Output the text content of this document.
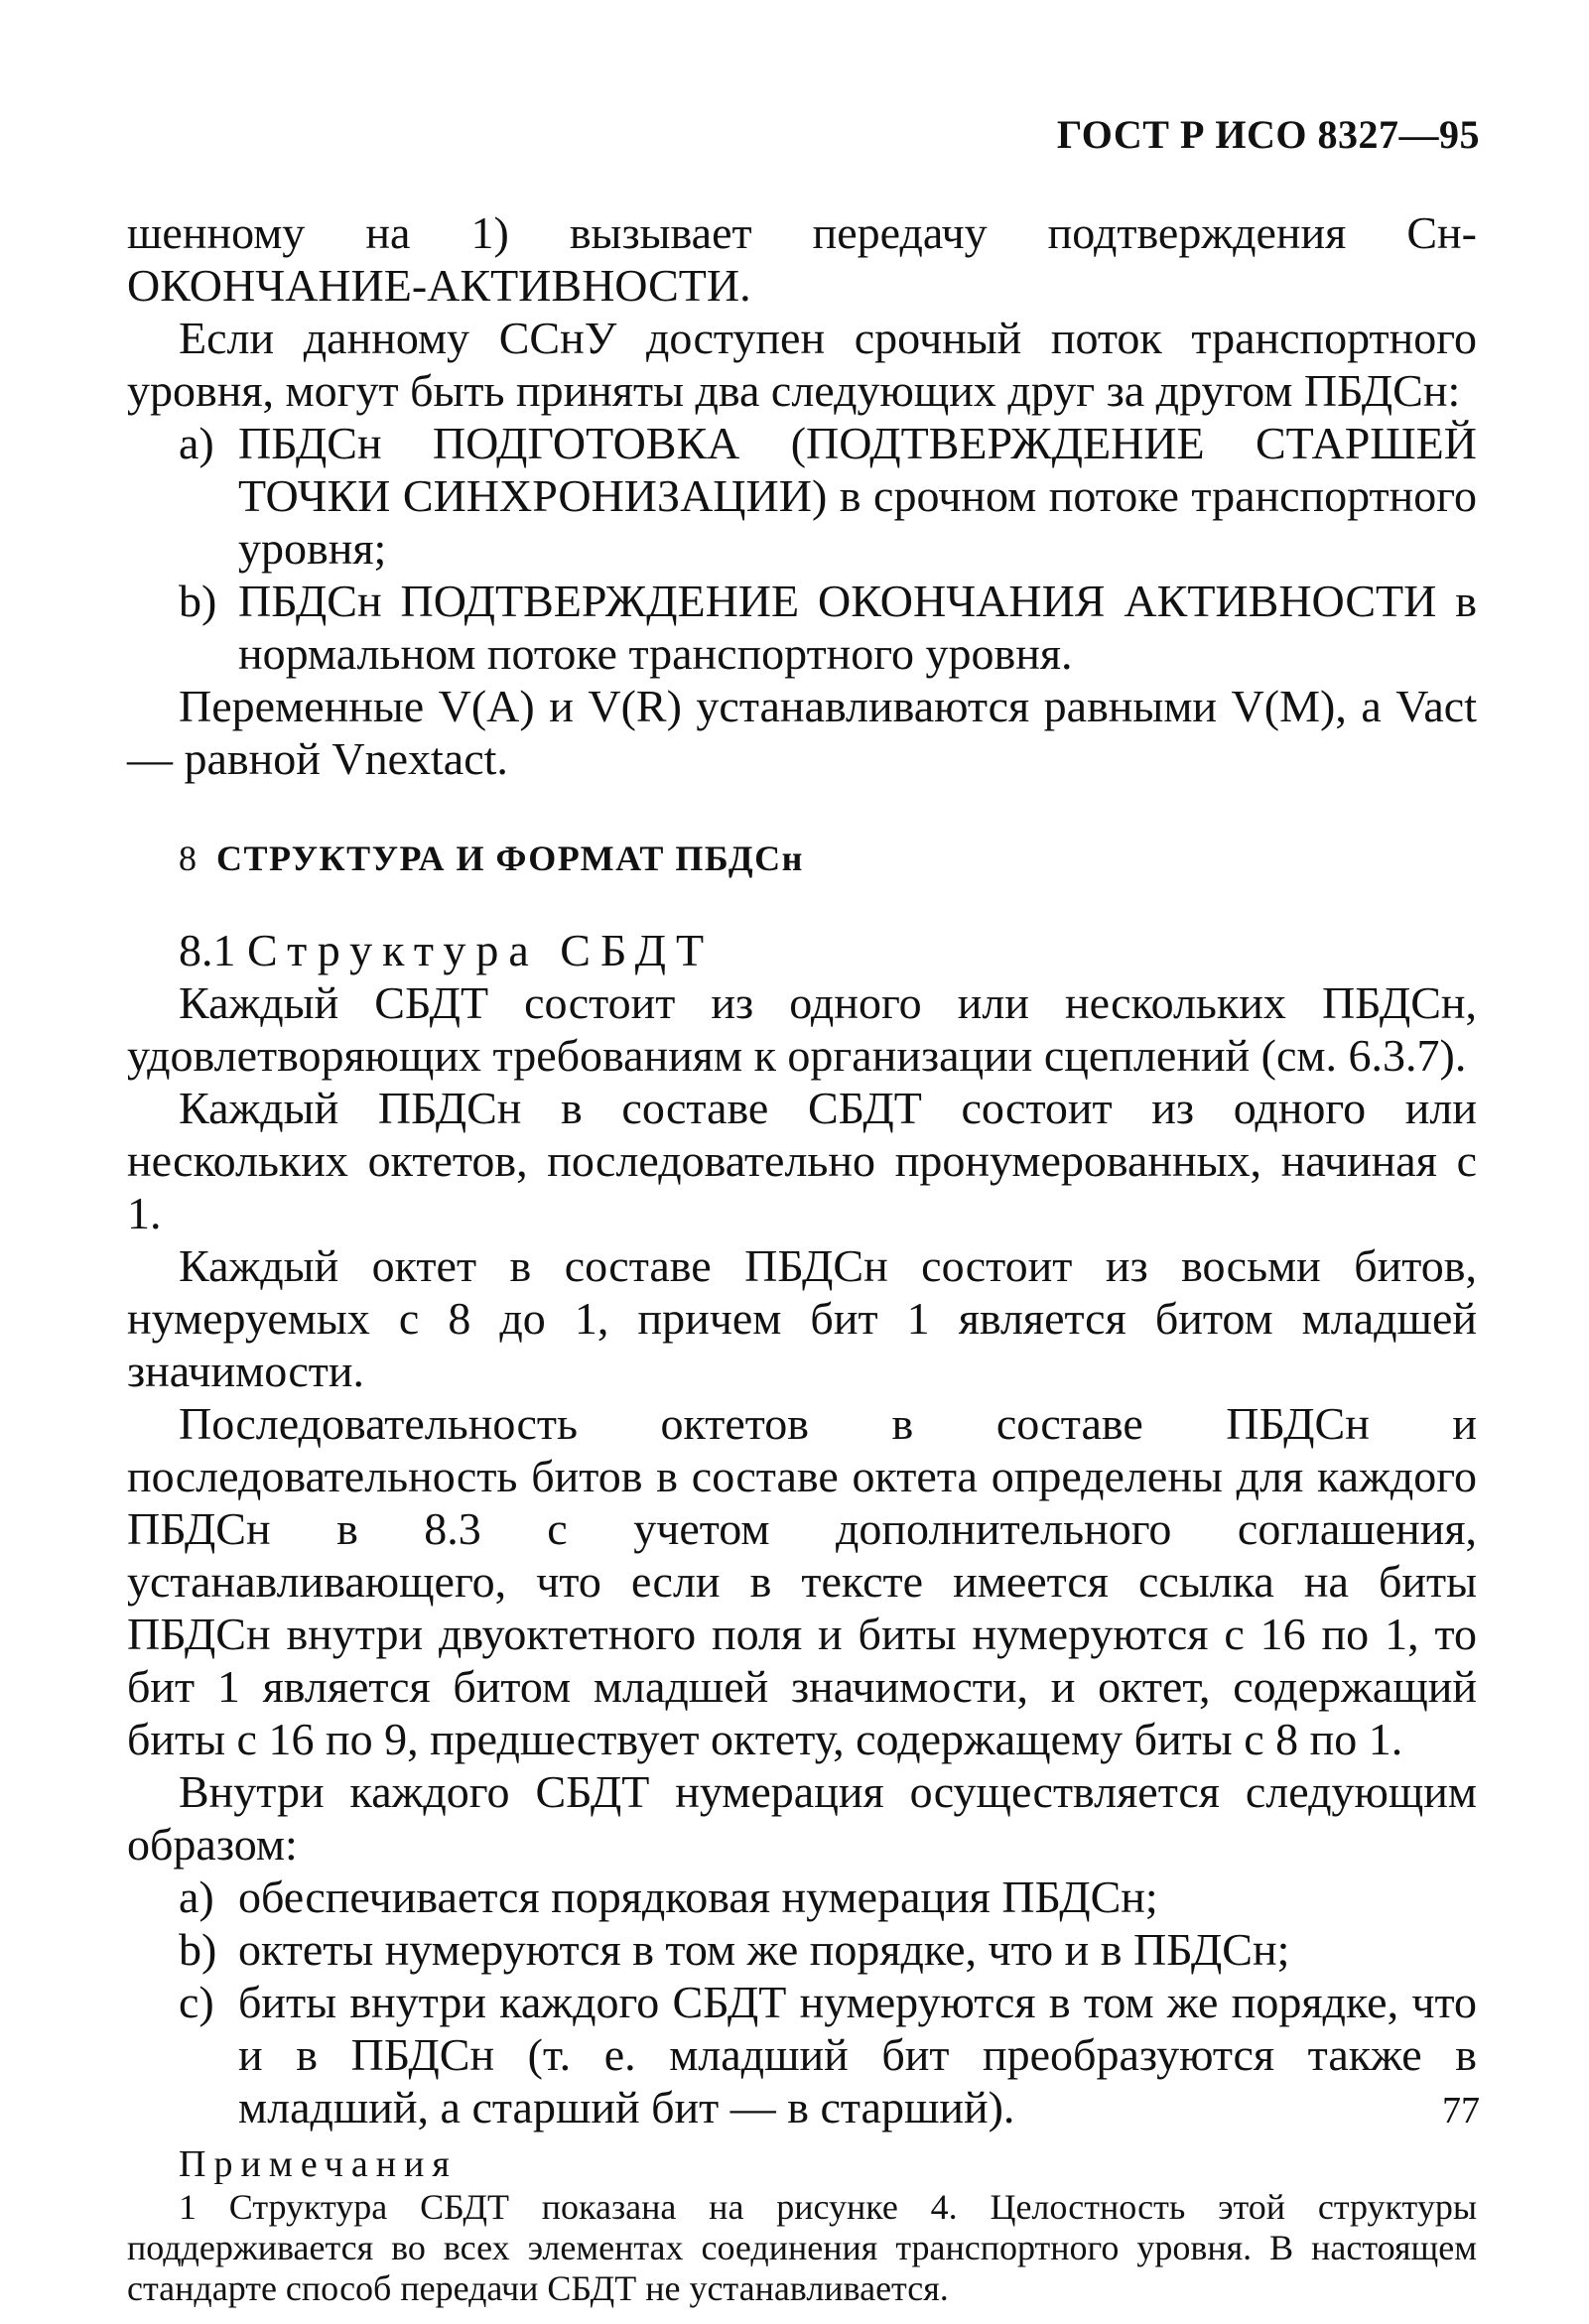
ГОСТ Р ИСО 8327—95

шенному на 1) вызывает передачу подтверждения Сн-ОКОНЧАНИЕ-АКТИВНОСТИ.

Если данному ССнУ доступен срочный поток транспортного уровня, могут быть приняты два следующих друг за другом ПБДСн:

а) ПБДСн ПОДГОТОВКА (ПОДТВЕРЖДЕНИЕ СТАРШЕЙ ТОЧКИ СИНХРОНИЗАЦИИ) в срочном потоке транспортного уровня;

b) ПБДСн ПОДТВЕРЖДЕНИЕ ОКОНЧАНИЯ АКТИВНОСТИ в нормальном потоке транспортного уровня.

Переменные V(A) и V(R) устанавливаются равными V(M), а Vact — равной Vnextact.

8 СТРУКТУРА И ФОРМАТ ПБДСн

8.1 Структура СБДТ

Каждый СБДТ состоит из одного или нескольких ПБДСн, удовлетворяющих требованиям к организации сцеплений (см. 6.3.7).

Каждый ПБДСн в составе СБДТ состоит из одного или нескольких октетов, последовательно пронумерованных, начиная с 1.

Каждый октет в составе ПБДСн состоит из восьми битов, нумеруемых с 8 до 1, причем бит 1 является битом младшей значимости.

Последовательность октетов в составе ПБДСн и последовательность битов в составе октета определены для каждого ПБДСн в 8.3 с учетом дополнительного соглашения, устанавливающего, что если в тексте имеется ссылка на биты ПБДСн внутри двуоктетного поля и биты нумеруются с 16 по 1, то бит 1 является битом младшей значимости, и октет, содержащий биты с 16 по 9, предшествует октету, содержащему биты с 8 по 1.

Внутри каждого СБДТ нумерация осуществляется следующим образом:

а) обеспечивается порядковая нумерация ПБДСн;

b) октеты нумеруются в том же порядке, что и в ПБДСн;

с) биты внутри каждого СБДТ нумеруются в том же порядке, что и в ПБДСн (т. е. младший бит преобразуются также в младший, а старший бит — в старший).

Примечания

1 Структура СБДТ показана на рисунке 4. Целостность этой структуры поддерживается во всех элементах соединения транспортного уровня. В настоящем стандарте способ передачи СБДТ не устанавливается.

77
